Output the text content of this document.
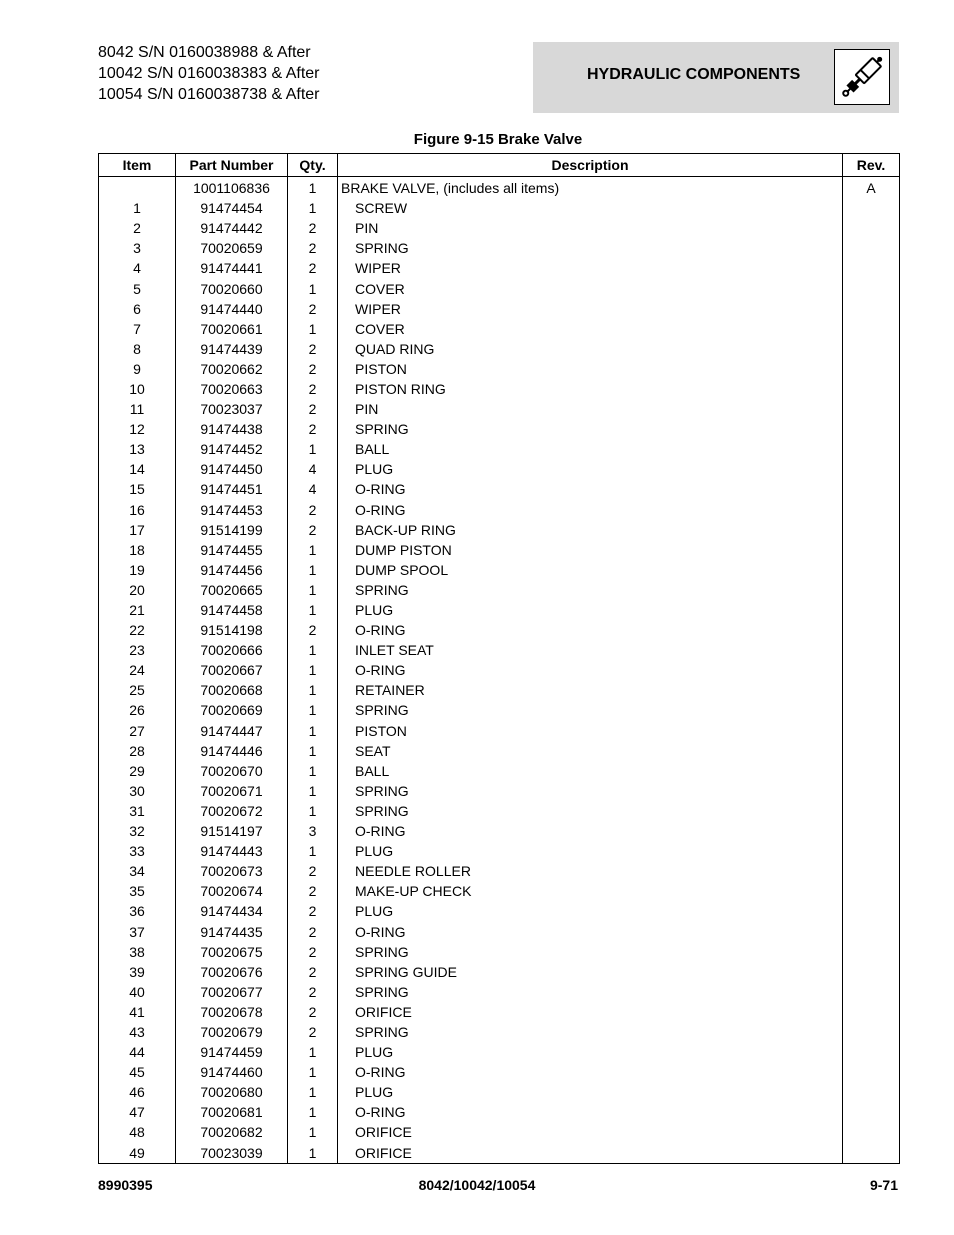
8042 S/N 0160038988 & After
10042 S/N 0160038383 & After
10054 S/N 0160038738 & After
HYDRAULIC COMPONENTS
Figure 9-15 Brake Valve
Item	Part Number	Qty.	Description	Rev.
	1001106836	1	BRAKE VALVE, (includes all items)	A
1	91474454	1	SCREW	
2	91474442	2	PIN	
3	70020659	2	SPRING	
4	91474441	2	WIPER	
5	70020660	1	COVER	
6	91474440	2	WIPER	
7	70020661	1	COVER	
8	91474439	2	QUAD RING	
9	70020662	2	PISTON	
10	70020663	2	PISTON RING	
11	70023037	2	PIN	
12	91474438	2	SPRING	
13	91474452	1	BALL	
14	91474450	4	PLUG	
15	91474451	4	O-RING	
16	91474453	2	O-RING	
17	91514199	2	BACK-UP RING	
18	91474455	1	DUMP PISTON	
19	91474456	1	DUMP SPOOL	
20	70020665	1	SPRING	
21	91474458	1	PLUG	
22	91514198	2	O-RING	
23	70020666	1	INLET SEAT	
24	70020667	1	O-RING	
25	70020668	1	RETAINER	
26	70020669	1	SPRING	
27	91474447	1	PISTON	
28	91474446	1	SEAT	
29	70020670	1	BALL	
30	70020671	1	SPRING	
31	70020672	1	SPRING	
32	91514197	3	O-RING	
33	91474443	1	PLUG	
34	70020673	2	NEEDLE ROLLER	
35	70020674	2	MAKE-UP CHECK	
36	91474434	2	PLUG	
37	91474435	2	O-RING	
38	70020675	2	SPRING	
39	70020676	2	SPRING GUIDE	
40	70020677	2	SPRING	
41	70020678	2	ORIFICE	
43	70020679	2	SPRING	
44	91474459	1	PLUG	
45	91474460	1	O-RING	
46	70020680	1	PLUG	
47	70020681	1	O-RING	
48	70020682	1	ORIFICE	
49	70023039	1	ORIFICE	
8990395	8042/10042/10054	9-71
